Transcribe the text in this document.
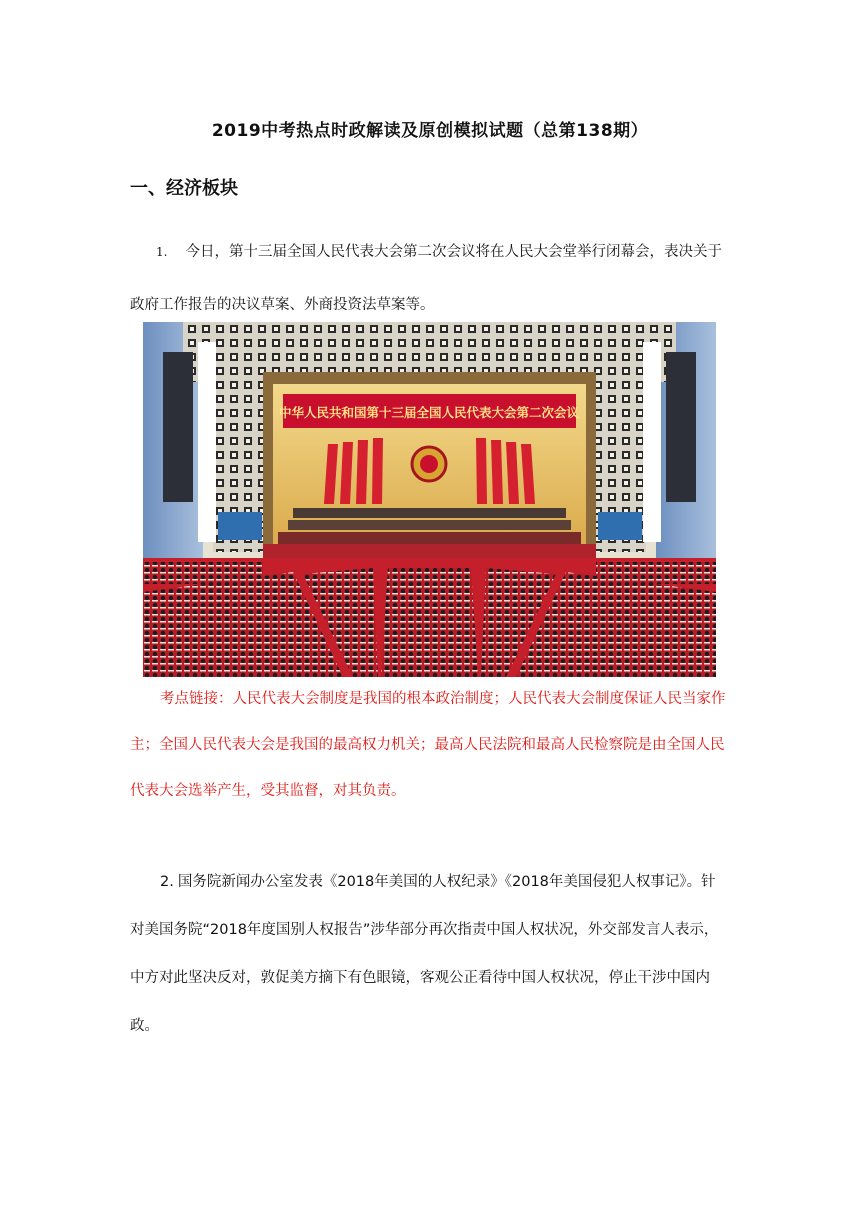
2019中考热点时政解读及原创模拟试题（总第138期）
一、经济板块

1. 今日，第十三届全国人民代表大会第二次会议将在人民大会堂举行闭幕会，表决关于政府工作报告的决议草案、外商投资法草案等。

中华人民共和国第十三届全国人民代表大会第二次会议

考点链接：人民代表大会制度是我国的根本政治制度；人民代表大会制度保证人民当家作主；全国人民代表大会是我国的最高权力机关；最高人民法院和最高人民检察院是由全国人民代表大会选举产生，受其监督，对其负责。

2. 国务院新闻办公室发表《2018年美国的人权纪录》《2018年美国侵犯人权事记》。针对美国务院“2018年度国别人权报告”涉华部分再次指责中国人权状况，外交部发言人表示，中方对此坚决反对，敦促美方摘下有色眼镜，客观公正看待中国人权状况，停止干涉中国内政。
